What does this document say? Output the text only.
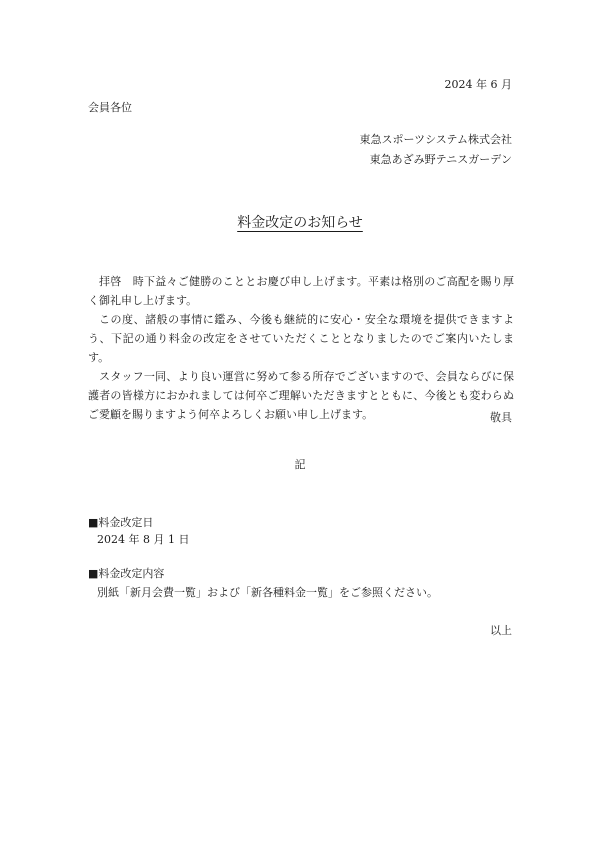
2024 年 6 月
会員各位
東急スポーツシステム株式会社
東急あざみ野テニスガーデン
料金改定のお知らせ

拝啓　時下益々ご健勝のこととお慶び申し上げます。平素は格別のご高配を賜り厚く御礼申し上げます。

この度、諸般の事情に鑑み、今後も継続的に安心・安全な環境を提供できますよう、下記の通り料金の改定をさせていただくこととなりましたのでご案内いたします。

スタッフ一同、より良い運営に努めて参る所存でございますので、会員ならびに保護者の皆様方におかれましては何卒ご理解いただきますとともに、今後とも変わらぬご愛顧を賜りますよう何卒よろしくお願い申し上げます。	敬具
記
■料金改定日
2024 年 8 月 1 日
■料金改定内容
別紙「新月会費一覧」および「新各種料金一覧」をご参照ください。
以上
